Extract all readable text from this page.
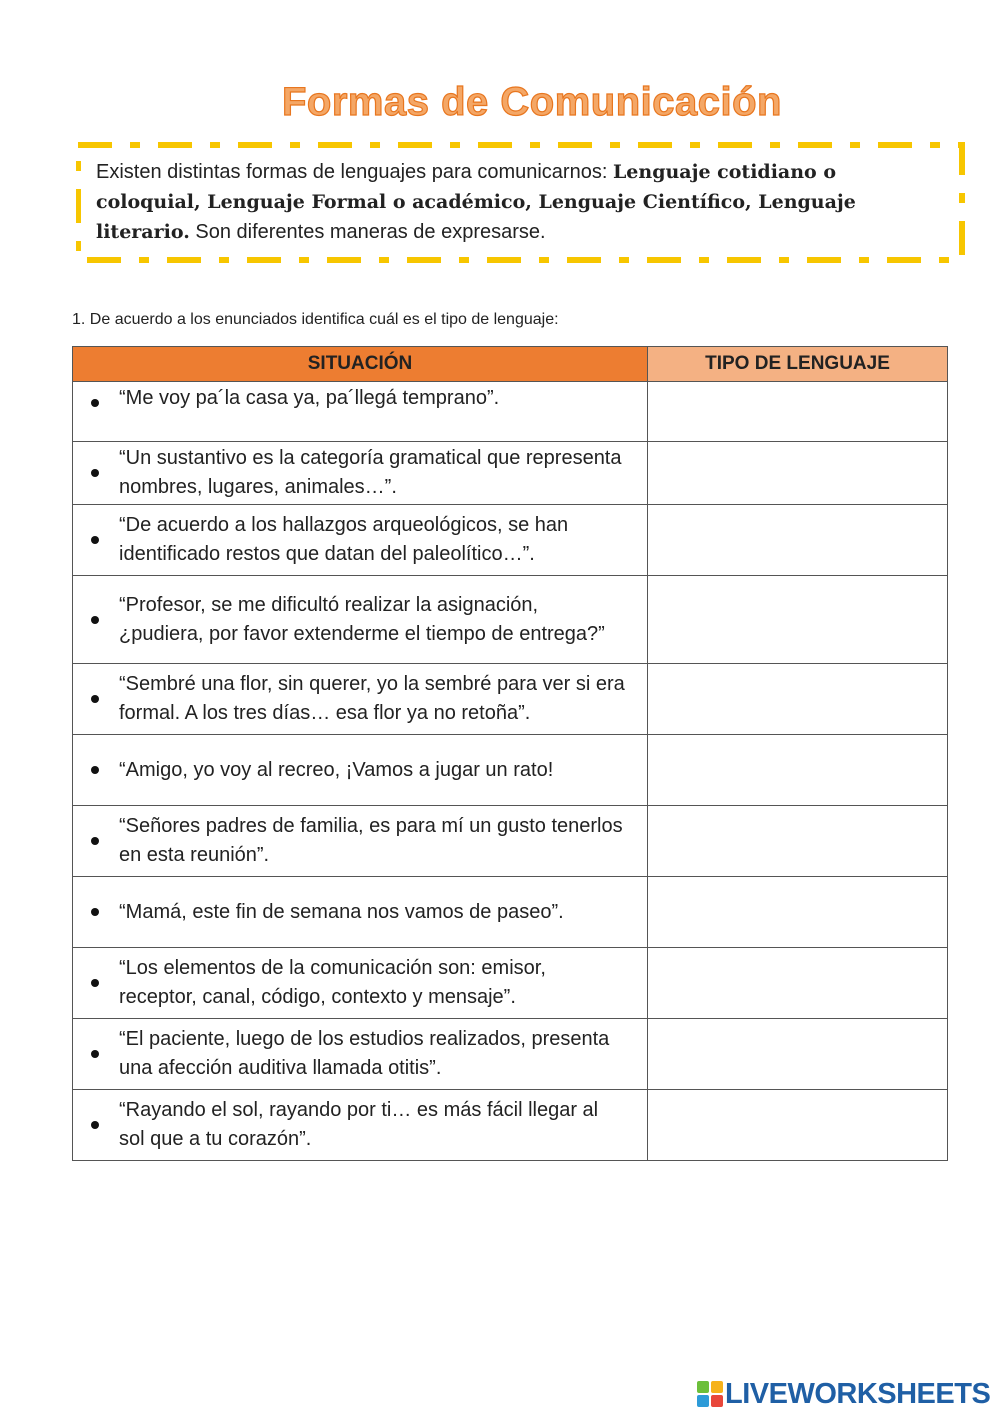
Formas de Comunicación
Existen distintas formas de lenguajes para comunicarnos: Lenguaje cotidiano o coloquial, Lenguaje Formal o académico, Lenguaje Científico, Lenguaje literario. Son diferentes maneras de expresarse.
1. De acuerdo a los enunciados identifica cuál es el tipo de lenguaje:
SITUACIÓN	TIPO DE LENGUAJE
“Me voy pa´la casa ya, pa´llegá temprano”.	
“Un sustantivo es la categoría gramatical que representa nombres, lugares, animales…”.	
“De acuerdo a los hallazgos arqueológicos, se han identificado restos que datan del paleolítico…”.	
“Profesor, se me dificultó realizar la asignación, ¿pudiera, por favor extenderme el tiempo de entrega?”	
“Sembré una flor, sin querer, yo la sembré para ver si era formal. A los tres días… esa flor ya no retoña”.	
“Amigo, yo voy al recreo, ¡Vamos a jugar un rato!	
“Señores padres de familia, es para mí un gusto tenerlos en esta reunión”.	
“Mamá, este fin de semana nos vamos de paseo”.	
“Los elementos de la comunicación son: emisor, receptor, canal, código, contexto y mensaje”.	
“El paciente, luego de los estudios realizados, presenta una afección auditiva llamada otitis”.	
“Rayando el sol, rayando por ti… es más fácil llegar al sol que a tu corazón”.	
LIVEWORKSHEETS
